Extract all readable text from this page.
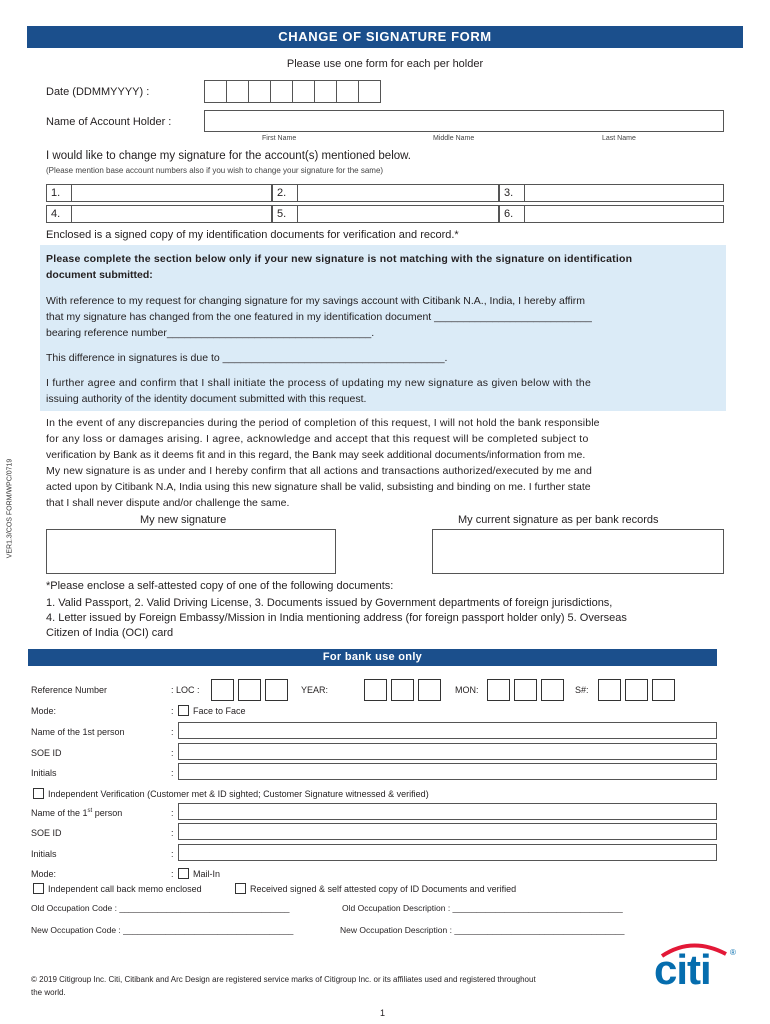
VER1.3/COS FORM/WPC/0719
CHANGE OF SIGNATURE FORM
Please use one form for each per holder
Date (DDMMYYYY) :
Name of Account Holder :
First Name	Middle Name	Last Name
I would like to change my signature for the account(s) mentioned below.
(Please mention base account numbers also if you wish to change your signature for the same)
1.	2.	3.
4.	5.	6.
Enclosed is a signed copy of my identification documents for verification and record.*
Please complete the section below only if your new signature is not matching with the signature on identification
document submitted:
With reference to my request for changing signature for my savings account with Citibank N.A., India, I hereby affirm
that my signature has changed from the one featured in my identification document ___________________________
bearing reference number___________________________________.
This difference in signatures is due to ______________________________________.
I further agree and confirm that I shall initiate the process of updating my new signature as given below with the
issuing authority of the identity document submitted with this request.
In the event of any discrepancies during the period of completion of this request, I will not hold the bank responsible
for any loss or damages arising. I agree, acknowledge and accept that this request will be completed subject to
verification by Bank as it deems fit and in this regard, the Bank may seek additional documents/information from me.
My new signature is as under and I hereby confirm that all actions and transactions authorized/executed by me and
acted upon by Citibank N.A, India using this new signature shall be valid, subsisting and binding on me. I further state
that I shall never dispute and/or challenge the same.
My new signature	My current signature as per bank records
*Please enclose a self-attested copy of one of the following documents:
1. Valid Passport, 2. Valid Driving License, 3. Documents issued by Government departments of foreign jurisdictions,
4. Letter issued by Foreign Embassy/Mission in India mentioning address (for foreign passport holder only) 5. Overseas
Citizen of India (OCI) card
For bank use only
Reference Number	: LOC :	YEAR:	MON:	S#:
Mode:	: Face to Face
Name of the 1st person	:
SOE ID	:
Initials	:
Independent Verification (Customer met & ID sighted; Customer Signature witnessed & verified)
Name of the 1st person	:
SOE ID	:
Initials	:
Mode:	: Mail-In
Independent call back memo enclosed	Received signed & self attested copy of ID Documents and verified
Old Occupation Code : ____________________________________	Old Occupation Description : ____________________________________
New Occupation Code : ____________________________________	New Occupation Description : ____________________________________
© 2019 Citigroup Inc. Citi, Citibank and Arc Design are registered service marks of Citigroup Inc. or its affiliates used and registered throughout
the world.
1
citi ®
